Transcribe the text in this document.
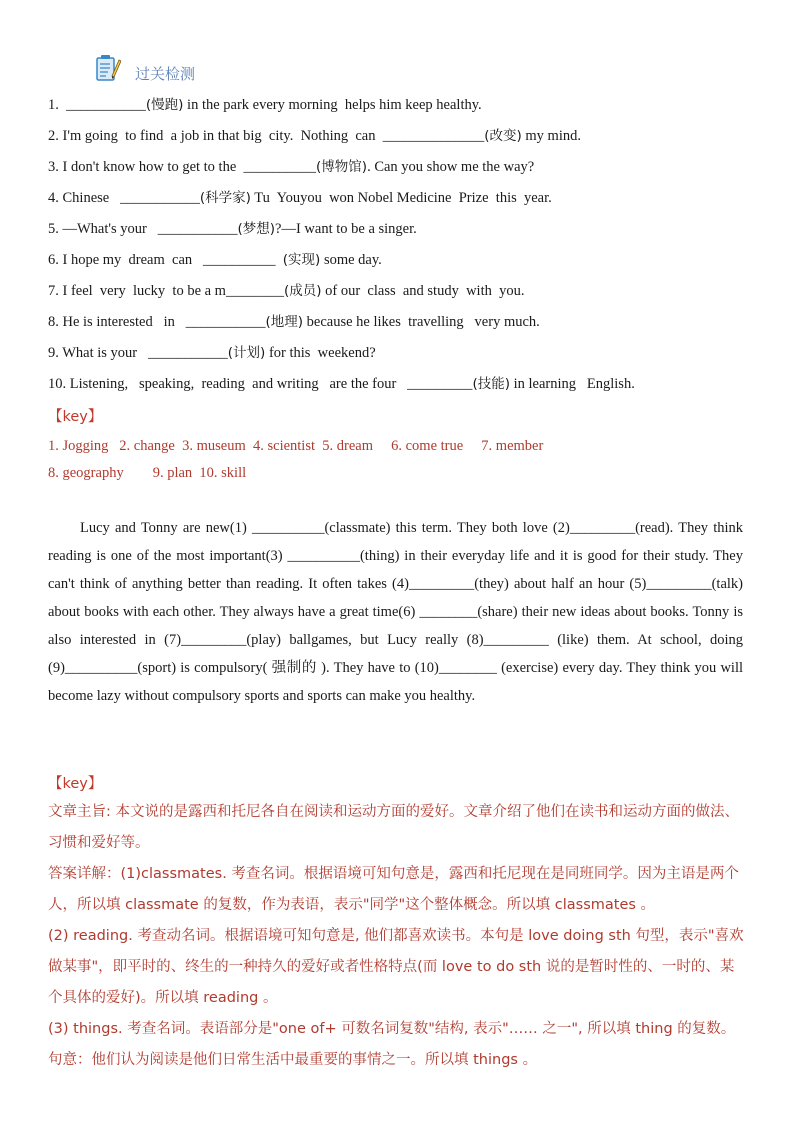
过关检测
1.  ___________(慢跑) in the park every morning  helps him keep healthy.
2. I'm going  to find  a job in that big  city.  Nothing  can  ______________(改变) my mind.
3. I don't know how to get to the  __________(博物馆). Can you show me the way?
4. Chinese   ___________(科学家) Tu  Youyou  won Nobel Medicine  Prize  this  year.
5. —What's your   ___________(梦想)?—I want to be a singer.
6. I hope my  dream  can   __________  (实现) some day.
7. I feel  very  lucky  to be a m________(成员) of our  class  and study  with  you.
8. He is interested   in   ___________(地理) because he likes  travelling   very much.
9. What is your   ___________(计划) for this  weekend?
10. Listening,   speaking,  reading  and writing   are the four   _________(技能) in learning   English.
【key】
1. Jogging   2. change  3. museum  4. scientist  5. dream     6. come true     7. member
8. geography        9. plan  10. skill

Lucy and Tonny are new(1) __________(classmate) this term. They both love (2)_________(read). They think reading is one of the most important(3) __________(thing) in their everyday life and it is good for their study. They can't think of anything better than reading. It often takes (4)_________(they) about half an hour (5)_________(talk) about books with each other. They always have a great time(6) ________(share) their new ideas about books. Tonny is also interested in (7)_________(play) ballgames, but Lucy really (8)_________ (like) them. At school, doing (9)__________(sport) is compulsory( 强制的 ). They have to (10)________ (exercise) every day. They think you will become lazy without compulsory sports and sports can make you healthy.

【key】

文章主旨: 本文说的是露西和托尼各自在阅读和运动方面的爱好。文章介绍了他们在读书和运动方面的做法、习惯和爱好等。

答案详解：(1)classmates. 考查名词。根据语境可知句意是，露西和托尼现在是同班同学。因为主语是两个人，所以填 classmate 的复数，作为表语，表示"同学"这个整体概念。所以填 classmates 。

(2) reading. 考查动名词。根据语境可知句意是, 他们都喜欢读书。本句是 love doing sth 句型，表示"喜欢做某事"，即平时的、终生的一种持久的爱好或者性格特点(而 love to do sth 说的是暂时性的、一时的、某个具体的爱好)。所以填 reading 。

(3) things. 考查名词。表语部分是"one of+ 可数名词复数"结构, 表示"…… 之一", 所以填 thing 的复数。句意：他们认为阅读是他们日常生活中最重要的事情之一。所以填 things 。
